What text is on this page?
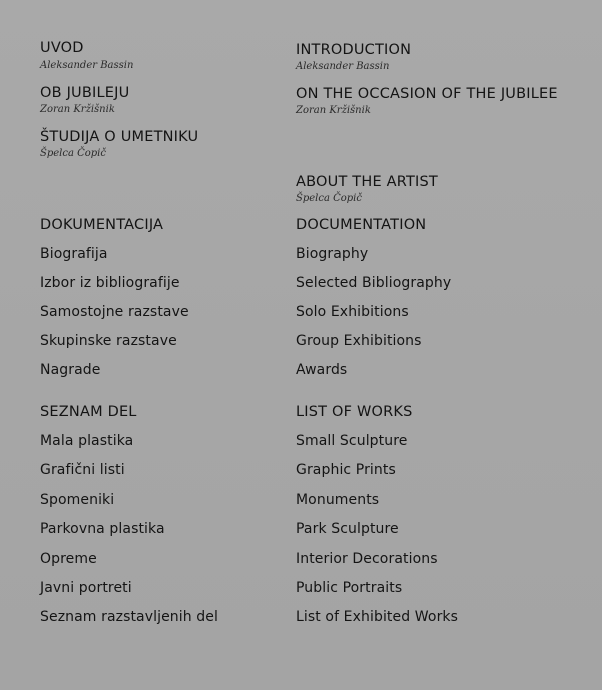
UVOD
Aleksander Bassin
OB JUBILEJU
Zoran Kržišnik
ŠTUDIJA O UMETNIKU
Špelca Čopič
DOKUMENTACIJA
Biografija
Izbor iz bibliografije
Samostojne razstave
Skupinske razstave
Nagrade
SEZNAM DEL
Mala plastika
Grafični listi
Spomeniki
Parkovna plastika
Opreme
Javni portreti
Seznam razstavljenih del
INTRODUCTION
Aleksander Bassin
ON THE OCCASION OF THE JUBILEE
Zoran Kržišnik
ABOUT THE ARTIST
Špelca Čopič
DOCUMENTATION
Biography
Selected Bibliography
Solo Exhibitions
Group Exhibitions
Awards
LIST OF WORKS
Small Sculpture
Graphic Prints
Monuments
Park Sculpture
Interior Decorations
Public Portraits
List of Exhibited Works
